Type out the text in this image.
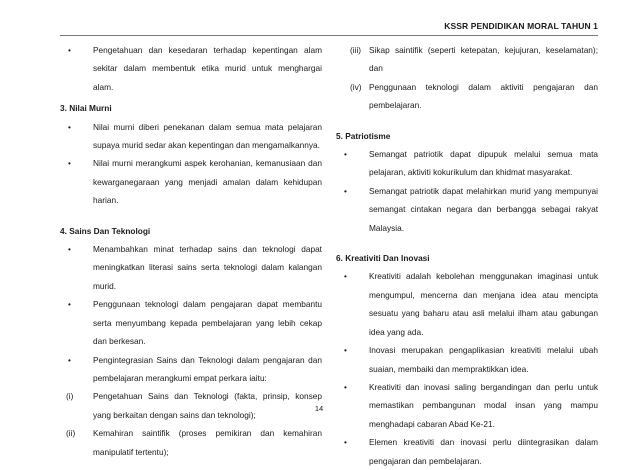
KSSR PENDIDIKAN MORAL TAHUN 1
• Pengetahuan dan kesedaran terhadap kepentingan alam sekitar dalam membentuk etika murid untuk menghargai alam.
3. Nilai Murni
• Nilai murni diberi penekanan dalam semua mata pelajaran supaya murid sedar akan kepentingan dan mengamalkannya.
• Nilai murni merangkumi aspek kerohanian, kemanusiaan dan kewarganegaraan yang menjadi amalan dalam kehidupan harian.
4. Sains Dan Teknologi
• Menambahkan minat terhadap sains dan teknologi dapat meningkatkan literasi sains serta teknologi dalam kalangan murid.
• Penggunaan teknologi dalam pengajaran dapat membantu serta menyumbang kepada pembelajaran yang lebih cekap dan berkesan.
• Pengintegrasian Sains dan Teknologi dalam pengajaran dan pembelajaran merangkumi empat perkara iaitu:
(i) Pengetahuan Sains dan Teknologi (fakta, prinsip, konsep yang berkaitan dengan sains dan teknologi);
(ii) Kemahiran saintifik (proses pemikiran dan kemahiran manipulatif tertentu);
(iii) Sikap saintifik (seperti ketepatan, kejujuran, keselamatan); dan
(iv) Penggunaan teknologi dalam aktiviti pengajaran dan pembelajaran.
5. Patriotisme
• Semangat patriotik dapat dipupuk melalui semua mata pelajaran, aktiviti kokurikulum dan khidmat masyarakat.
• Semangat patriotik dapat melahirkan murid yang mempunyai semangat cintakan negara dan berbangga sebagai rakyat Malaysia.
6. Kreativiti Dan Inovasi
• Kreativiti adalah kebolehan menggunakan imaginasi untuk mengumpul, mencerna dan menjana idea atau mencipta sesuatu yang baharu atau asli melalui ilham atau gabungan idea yang ada.
• Inovasi merupakan pengaplikasian kreativiti melalui ubah suaian, membaiki dan mempraktikkan idea.
• Kreativiti dan inovasi saling bergandingan dan perlu untuk memastikan pembangunan modal insan yang mampu menghadapi cabaran Abad Ke-21.
• Elemen kreativiti dan inovasi perlu diintegrasikan dalam pengajaran dan pembelajaran.
14
